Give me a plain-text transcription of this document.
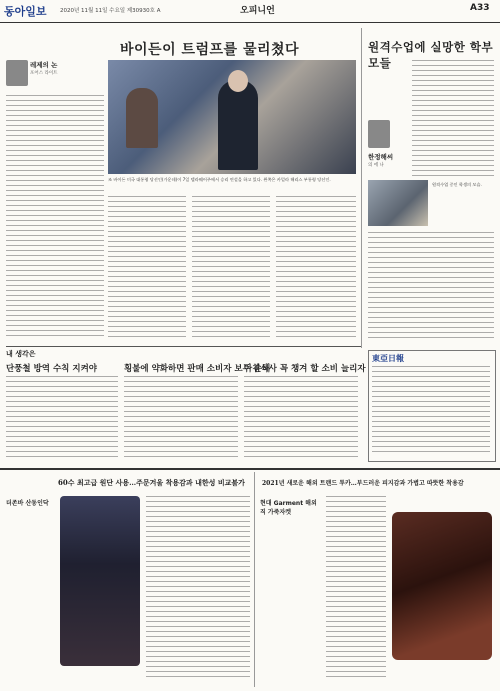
동아일보 2020년 11월 11일 수요일 제30930호 A	오피니언	A33
바이든이 트럼프를 물리쳤다
레제의 논
포어스 라이트
조 바이든 미국 대통령 당선인(가운데)이 7일 델라웨어주에서 승리 연설을 하고 있다. 왼쪽은 카멀라 해리스 부통령 당선인.
원격수업에 실망한 학부모들
한정해씨
의 에 나
원격수업 중인 학생의 모습.
내 생각은
단풍철 방역 수칙 지켜야	횡불에 약화하면 판매 소비자 보두 손해
아침식사 꼭 챙겨 할 소비 늘리자
東亞日報
60수 최고급 원단 사용…주문겨울 착용감과 내한성 비교불가
더존바 산동인닥
2021년 새로운 해외 트랜드 투카…부드러운 피지감과 가볍고 따뜻한 착용감
현대 Garment 해외직 가죽자켓
